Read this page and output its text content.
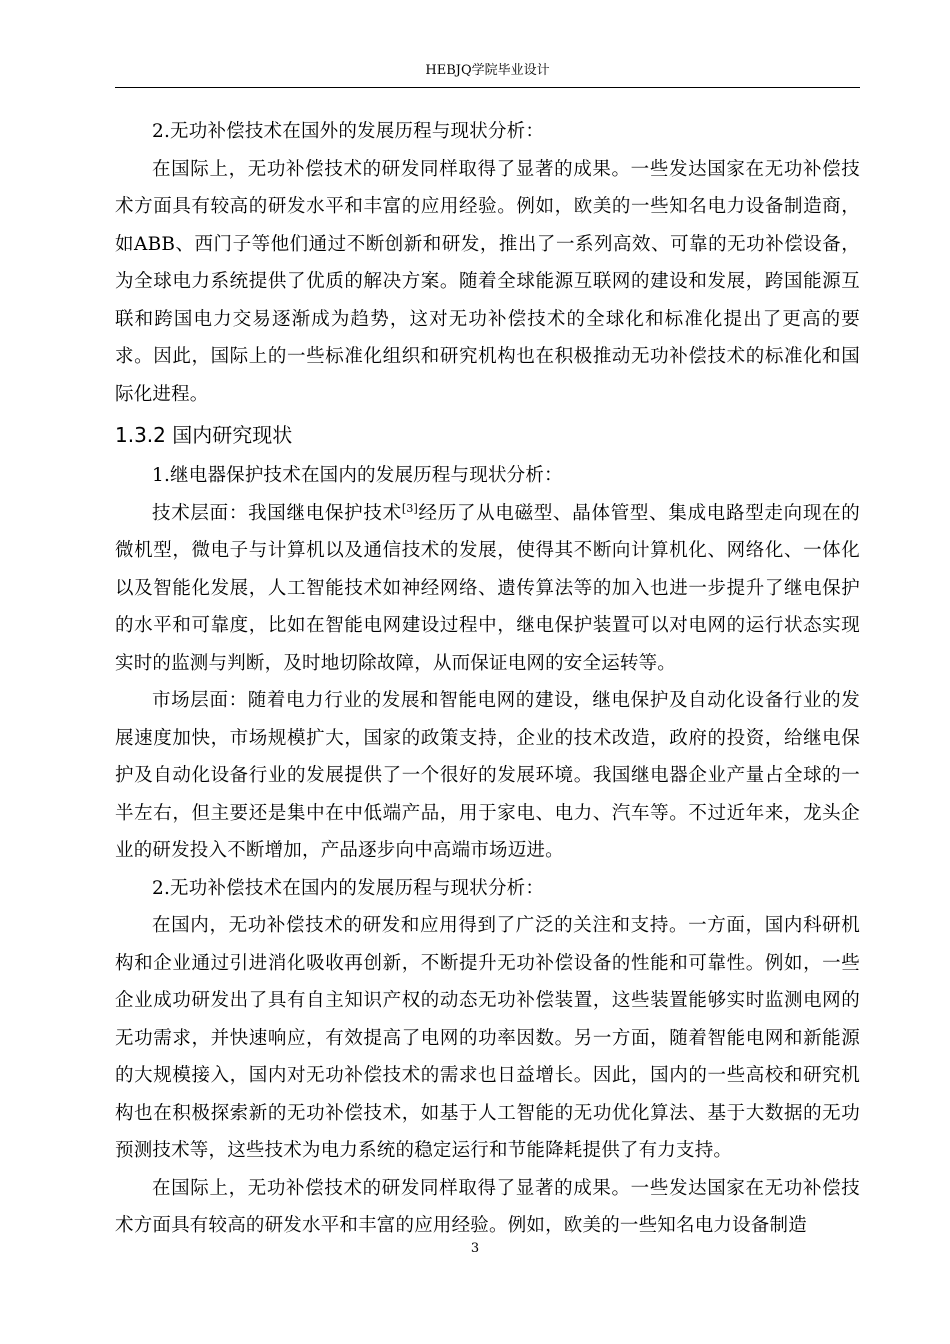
HEBJQ学院毕业设计

2.无功补偿技术在国外的发展历程与现状分析：

在国际上，无功补偿技术的研发同样取得了显著的成果。一些发达国家在无功补偿技术方面具有较高的研发水平和丰富的应用经验。例如，欧美的一些知名电力设备制造商，如ABB、西门子等他们通过不断创新和研发，推出了一系列高效、可靠的无功补偿设备，为全球电力系统提供了优质的解决方案。随着全球能源互联网的建设和发展，跨国能源互联和跨国电力交易逐渐成为趋势，这对无功补偿技术的全球化和标准化提出了更高的要求。因此，国际上的一些标准化组织和研究机构也在积极推动无功补偿技术的标准化和国际化进程。

1.3.2 国内研究现状

1.继电器保护技术在国内的发展历程与现状分析：

技术层面：我国继电保护技术[3]经历了从电磁型、晶体管型、集成电路型走向现在的微机型，微电子与计算机以及通信技术的发展，使得其不断向计算机化、网络化、一体化以及智能化发展，人工智能技术如神经网络、遗传算法等的加入也进一步提升了继电保护的水平和可靠度，比如在智能电网建设过程中，继电保护装置可以对电网的运行状态实现实时的监测与判断，及时地切除故障，从而保证电网的安全运转等。

市场层面：随着电力行业的发展和智能电网的建设，继电保护及自动化设备行业的发展速度加快，市场规模扩大，国家的政策支持，企业的技术改造，政府的投资，给继电保护及自动化设备行业的发展提供了一个很好的发展环境。我国继电器企业产量占全球的一半左右，但主要还是集中在中低端产品，用于家电、电力、汽车等。不过近年来，龙头企业的研发投入不断增加，产品逐步向中高端市场迈进。

2.无功补偿技术在国内的发展历程与现状分析：

在国内，无功补偿技术的研发和应用得到了广泛的关注和支持。一方面，国内科研机构和企业通过引进消化吸收再创新，不断提升无功补偿设备的性能和可靠性。例如，一些企业成功研发出了具有自主知识产权的动态无功补偿装置，这些装置能够实时监测电网的无功需求，并快速响应，有效提高了电网的功率因数。另一方面，随着智能电网和新能源的大规模接入，国内对无功补偿技术的需求也日益增长。因此，国内的一些高校和研究机构也在积极探索新的无功补偿技术，如基于人工智能的无功优化算法、基于大数据的无功预测技术等，这些技术为电力系统的稳定运行和节能降耗提供了有力支持。

在国际上，无功补偿技术的研发同样取得了显著的成果。一些发达国家在无功补偿技术方面具有较高的研发水平和丰富的应用经验。例如，欧美的一些知名电力设备制造

3
